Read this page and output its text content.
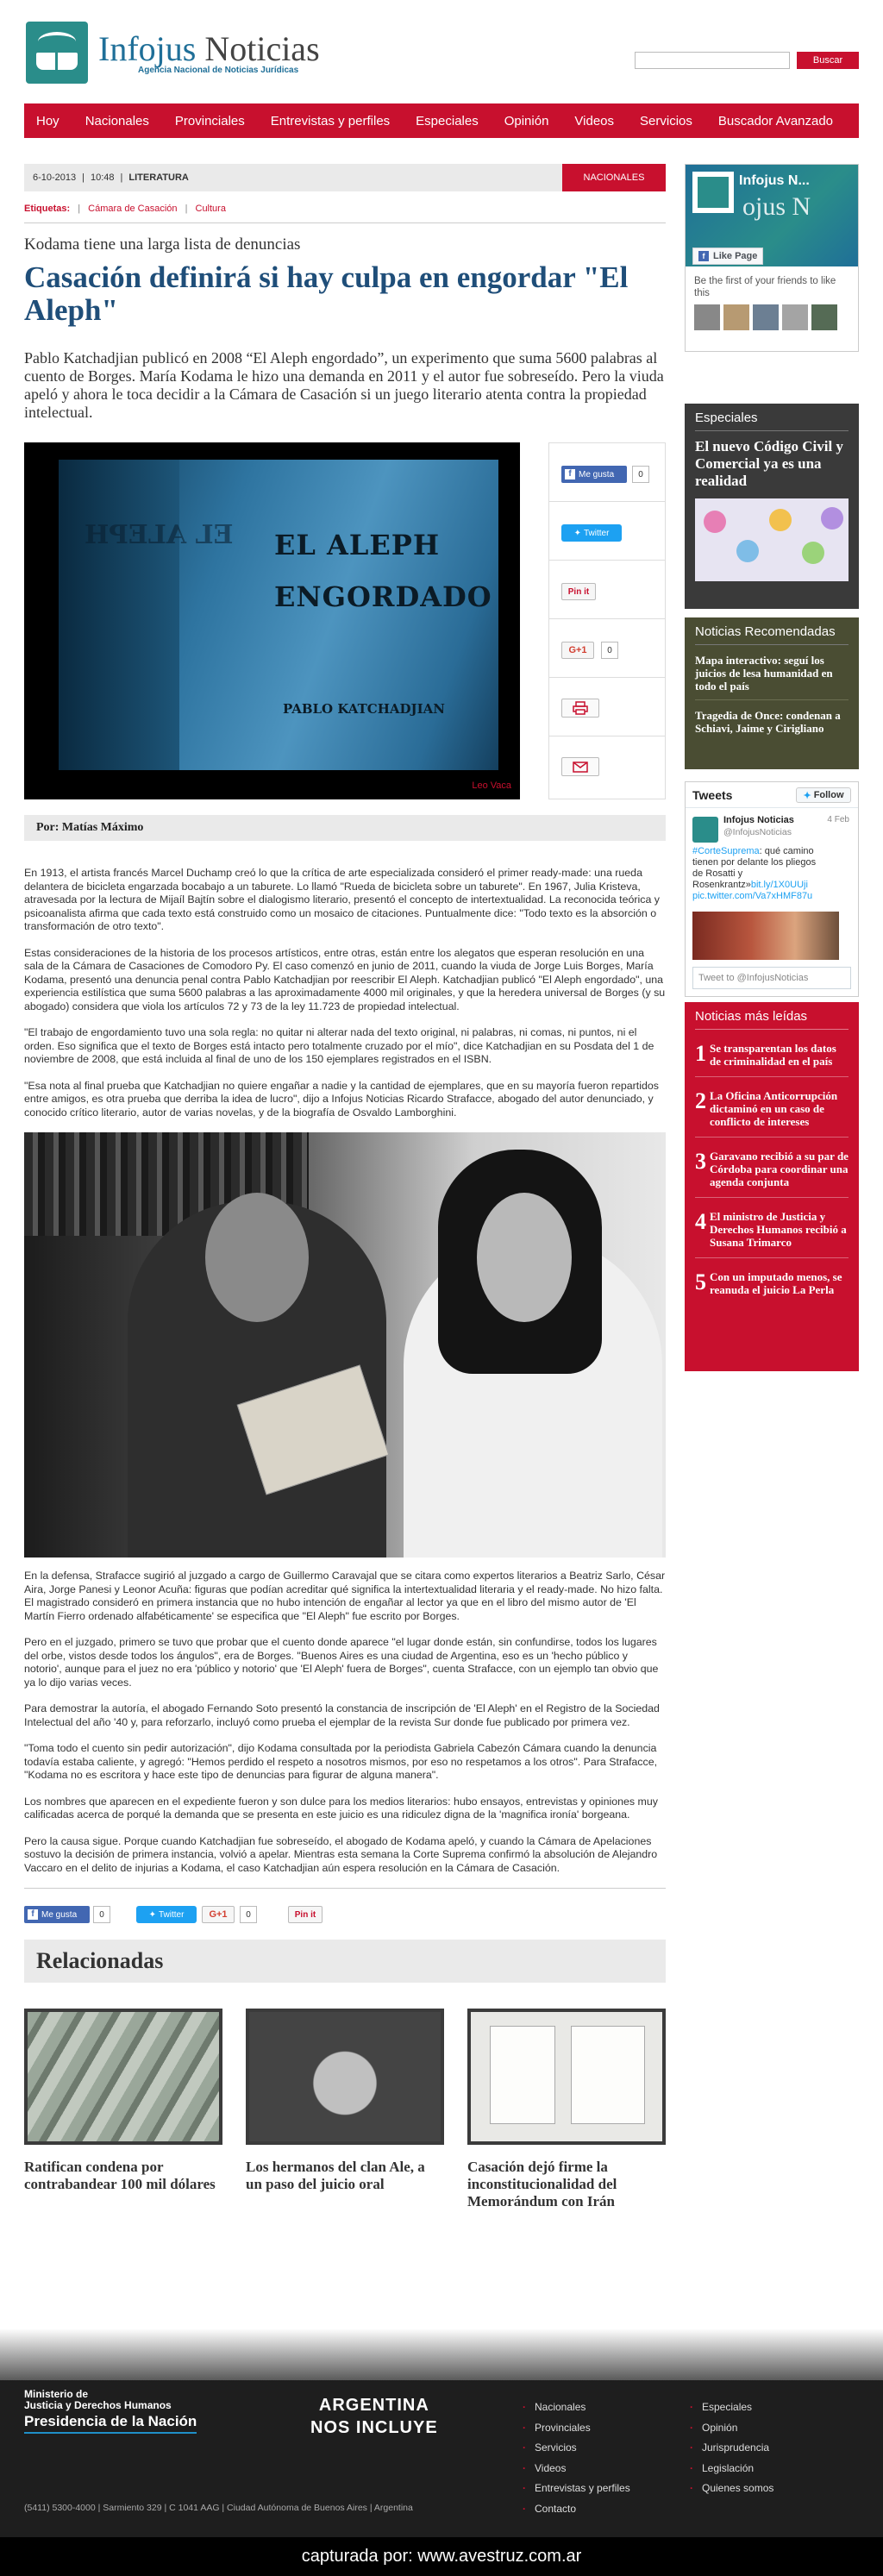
Infojus Noticias
Agencia Nacional de Noticias Jurídicas
Buscar
Hoy Nacionales Provinciales Entrevistas y perfiles Especiales Opinión Videos Servicios Buscador Avanzado
6-10-2013 | 10:48 | LITERATURA	NACIONALES
Etiquetas: | Cámara de Casación | Cultura
Kodama tiene una larga lista de denuncias
Casación definirá si hay culpa en engordar "El Aleph"
Pablo Katchadjian publicó en 2008 “El Aleph engordado”, un experimento que suma 5600 palabras al cuento de Borges. María Kodama le hizo una demanda en 2011 y el autor fue sobreseído. Pero la viuda apeló y ahora le toca decidir a la Cámara de Casación si un juego literario atenta contra la propiedad intelectual.
EL ALEPH EL ALEPH
ENGORDADO
PABLO KATCHADJIAN
Leo Vaca
f Me gusta	0
✦ Twitter
Pin it
G+1	0
Por: Matías Máximo

En 1913, el artista francés Marcel Duchamp creó lo que la crítica de arte especializada consideró el primer ready-made: una rueda delantera de bicicleta engarzada bocabajo a un taburete. Lo llamó "Rueda de bicicleta sobre un taburete". En 1967, Julia Kristeva, atravesada por la lectura de Mijaíl Bajtín sobre el dialogismo literario, presentó el concepto de intertextualidad. La reconocida teórica y psicoanalista afirma que cada texto está construido como un mosaico de citaciones. Puntualmente dice: "Todo texto es la absorción o transformación de otro texto".

Estas consideraciones de la historia de los procesos artísticos, entre otras, están entre los alegatos que esperan resolución en una sala de la Cámara de Casaciones de Comodoro Py. El caso comenzó en junio de 2011, cuando la viuda de Jorge Luis Borges, María Kodama, presentó una denuncia penal contra Pablo Katchadjian por reescribir El Aleph. Katchadjian publicó "El Aleph engordado", una experiencia estilística que suma 5600 palabras a las aproximadamente 4000 mil originales, y que la heredera universal de Borges (y su abogado) considera que viola los artículos 72 y 73 de la ley 11.723 de propiedad intelectual.

"El trabajo de engordamiento tuvo una sola regla: no quitar ni alterar nada del texto original, ni palabras, ni comas, ni puntos, ni el orden. Eso significa que el texto de Borges está intacto pero totalmente cruzado por el mío", dice Katchadjian en su Posdata del 1 de noviembre de 2008, que está incluida al final de uno de los 150 ejemplares registrados en el ISBN.

"Esa nota al final prueba que Katchadjian no quiere engañar a nadie y la cantidad de ejemplares, que en su mayoría fueron repartidos entre amigos, es otra prueba que derriba la idea de lucro", dijo a Infojus Noticias Ricardo Strafacce, abogado del autor denunciado, y conocido crítico literario, autor de varias novelas, y de la biografía de Osvaldo Lamborghini.

En la defensa, Strafacce sugirió al juzgado a cargo de Guillermo Caravajal que se citara como expertos literarios a Beatriz Sarlo, César Aira, Jorge Panesi y Leonor Acuña: figuras que podían acreditar qué significa la intertextualidad literaria y el ready-made. No hizo falta. El magistrado consideró en primera instancia que no hubo intención de engañar al lector ya que en el libro del mismo autor de 'El Martín Fierro ordenado alfabéticamente' se especifica que "El Aleph" fue escrito por Borges.

Pero en el juzgado, primero se tuvo que probar que el cuento donde aparece "el lugar donde están, sin confundirse, todos los lugares del orbe, vistos desde todos los ángulos", era de Borges. "Buenos Aires es una ciudad de Argentina, eso es un 'hecho público y notorio', aunque para el juez no era 'público y notorio' que 'El Aleph' fuera de Borges", cuenta Strafacce, con un ejemplo tan obvio que ya lo dijo varias veces.

Para demostrar la autoría, el abogado Fernando Soto presentó la constancia de inscripción de 'El Aleph' en el Registro de la Sociedad Intelectual del año '40 y, para reforzarlo, incluyó como prueba el ejemplar de la revista Sur donde fue publicado por primera vez.

"Toma todo el cuento sin pedir autorización", dijo Kodama consultada por la periodista Gabriela Cabezón Cámara cuando la denuncia todavía estaba caliente, y agregó: "Hemos perdido el respeto a nosotros mismos, por eso no respetamos a los otros". Para Strafacce, "Kodama no es escritora y hace este tipo de denuncias para figurar de alguna manera".

Los nombres que aparecen en el expediente fueron y son dulce para los medios literarios: hubo ensayos, entrevistas y opiniones muy calificadas acerca de porqué la demanda que se presenta en este juicio es una ridiculez digna de la 'magnifica ironía' borgeana.

Pero la causa sigue. Porque cuando Katchadjian fue sobreseído, el abogado de Kodama apeló, y cuando la Cámara de Apelaciones sostuvo la decisión de primera instancia, volvió a apelar. Mientras esta semana la Corte Suprema confirmó la absolución de Alejandro Vaccaro en el delito de injurias a Kodama, el caso Katchadjian aún espera resolución en la Cámara de Casación.

f Me gusta	0	✦ Twitter	G+1	0	Pin it
Relacionadas
Ratifican condena por contrabandear 100 mil dólares
Los hermanos del clan Ale, a un paso del juicio oral
Casación dejó firme la inconstitucionalidad del Memorándum con Irán
Infojus N...
ojus N
f Like Page
Be the first of your friends to like this
Especiales
El nuevo Código Civil y Comercial ya es una realidad
Noticias Recomendadas
Mapa interactivo: seguí los juicios de lesa humanidad en todo el país
Tragedia de Once: condenan a Schiavi, Jaime y Cirigliano
Tweets	✦ Follow
Infojus Noticias
@InfojusNoticias
4 Feb
#CorteSuprema: qué camino tienen por delante los pliegos de Rosatti y Rosenkrantz»bit.ly/1X0UUji pic.twitter.com/Va7xHMF87u
Tweet to @InfojusNoticias
Noticias más leídas
1 Se transparentan los datos de criminalidad en el país
2 La Oficina Anticorrupción dictaminó en un caso de conflicto de intereses
3 Garavano recibió a su par de Córdoba para coordinar una agenda conjunta
4 El ministro de Justicia y Derechos Humanos recibió a Susana Trimarco
5 Con un imputado menos, se reanuda el juicio La Perla
Ministerio de
Justicia y Derechos Humanos
Presidencia de la Nación
(5411) 5300-4000 | Sarmiento 329 | C 1041 AAG | Ciudad Autónoma de Buenos Aires | Argentina
ARGENTINA
NOS INCLUYE
· Nacionales
· Provinciales
· Servicios
· Videos
· Entrevistas y perfiles
· Contacto
· Especiales
· Opinión
· Jurisprudencia
· Legislación
· Quienes somos
capturada por: www.avestruz.com.ar
